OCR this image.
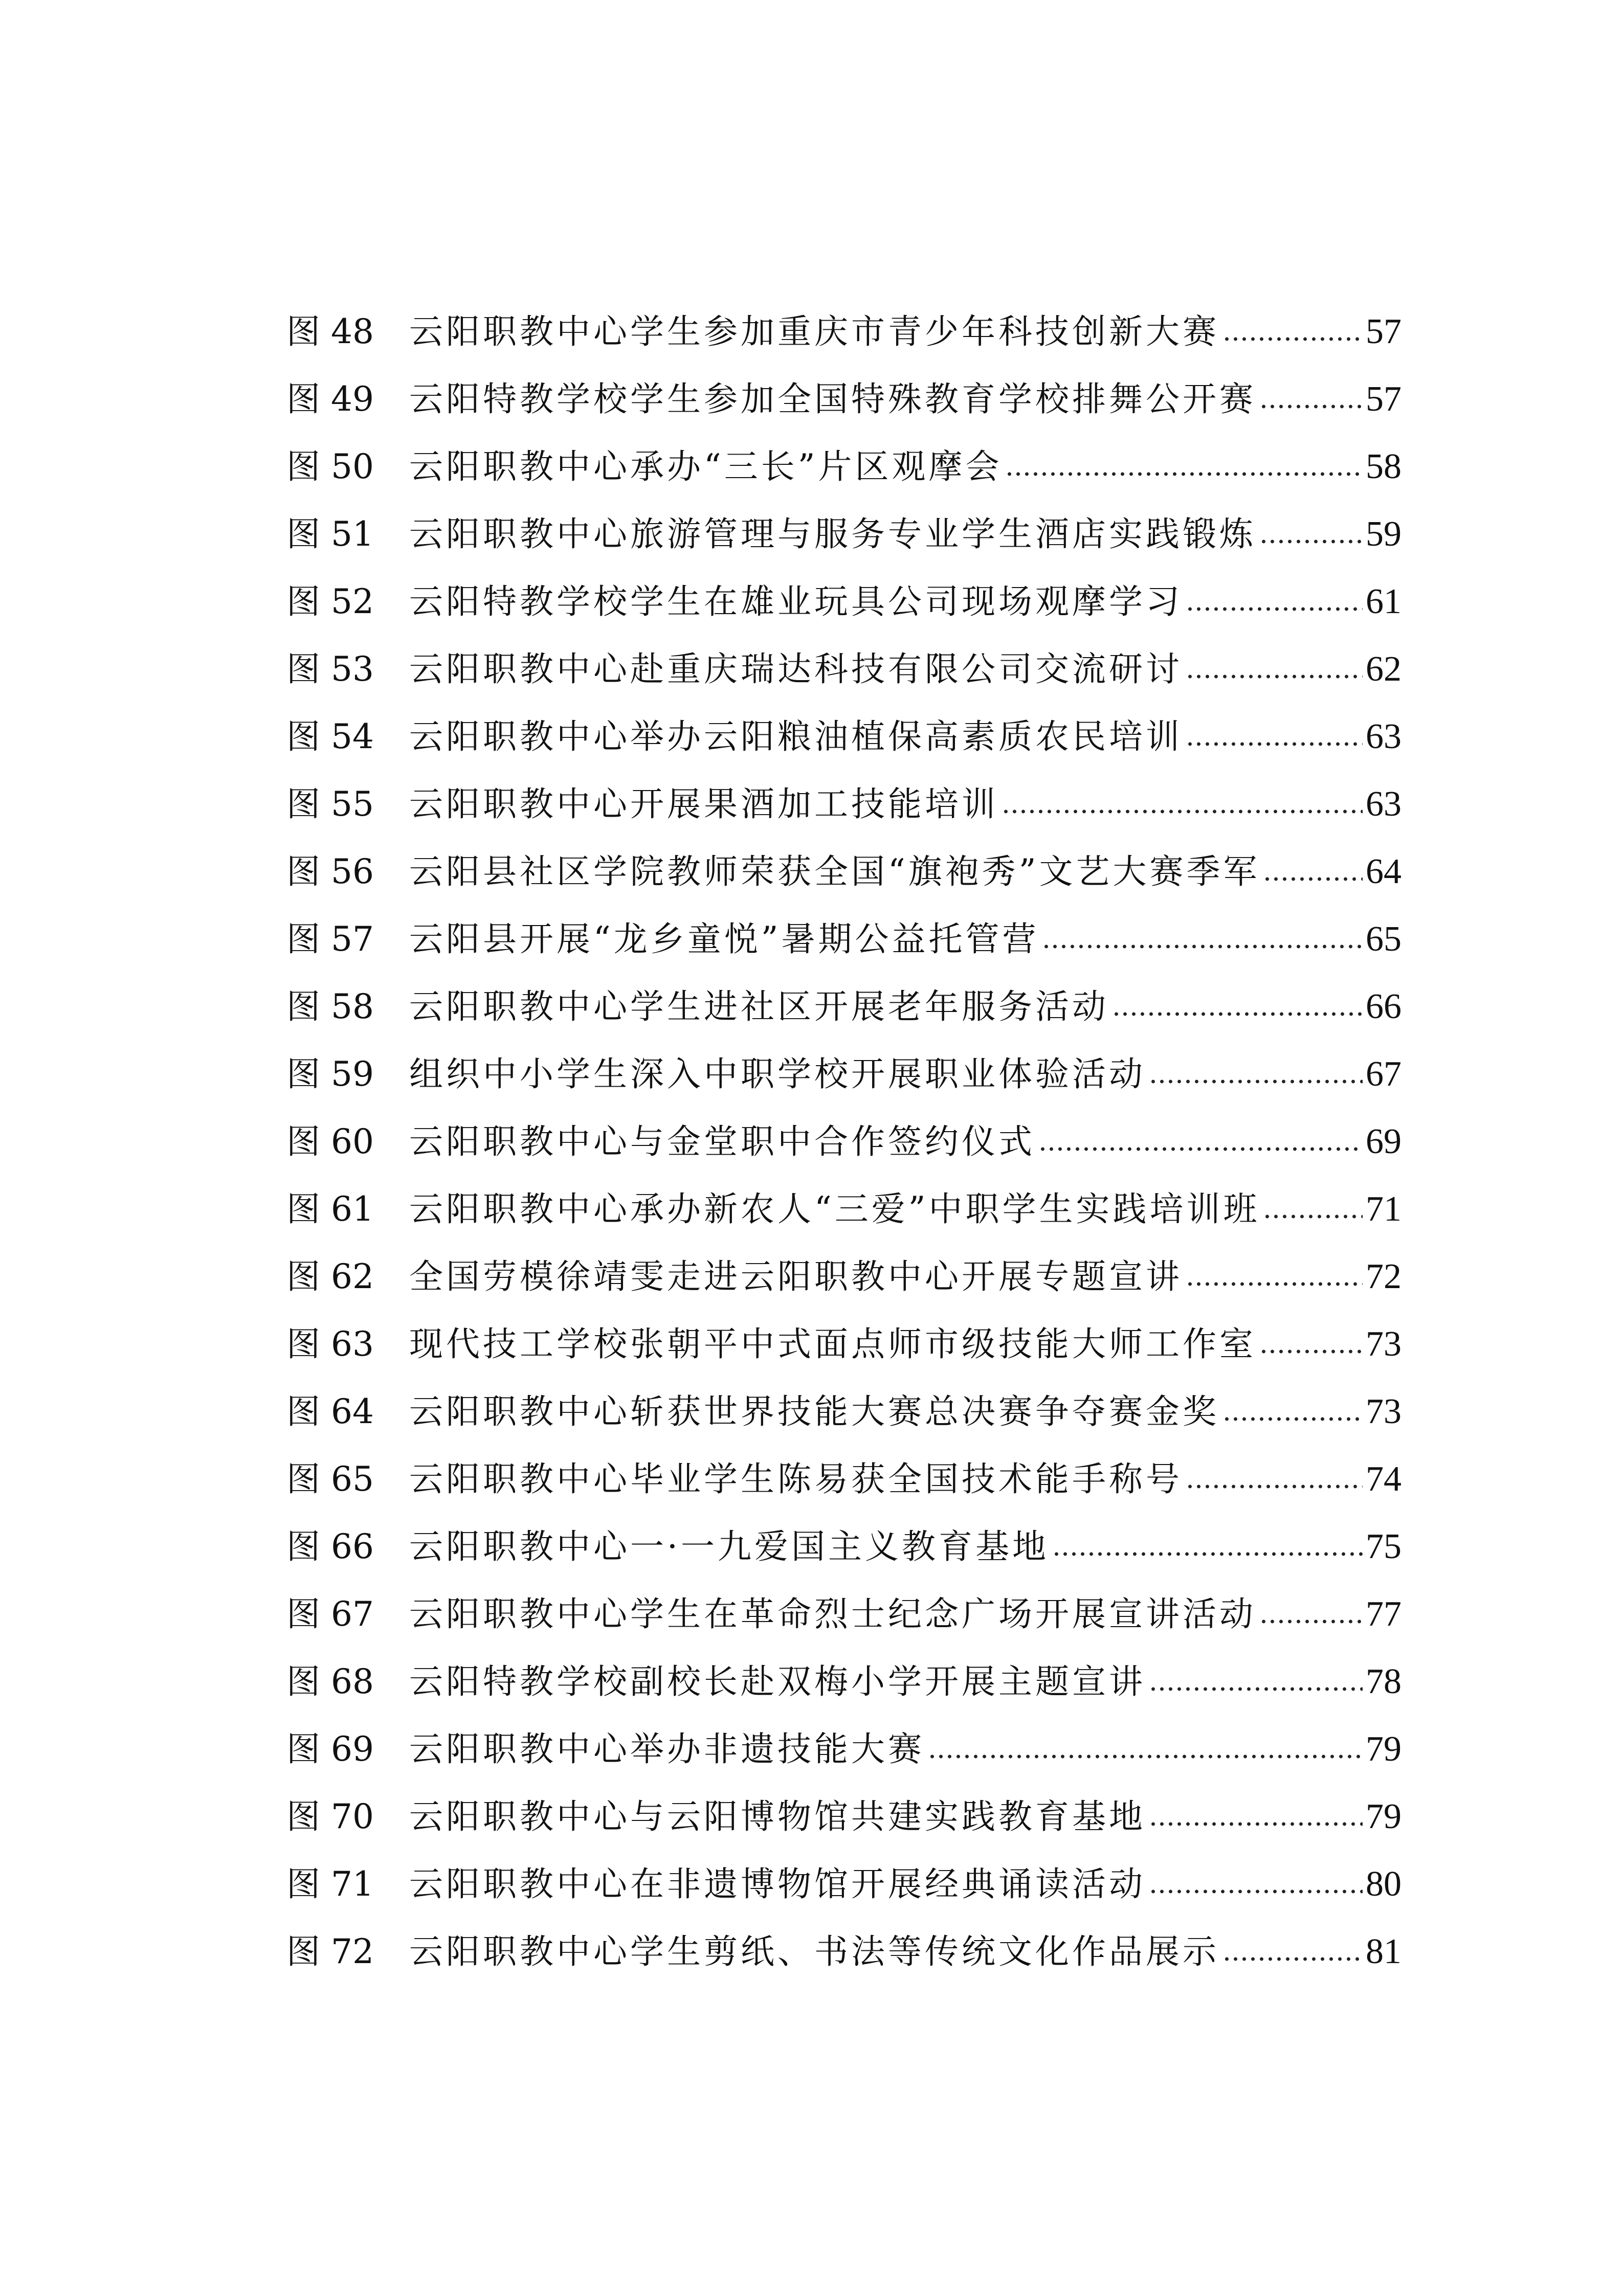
图 48	云阳职教中心学生参加重庆市青少年科技创新大赛	57
图 49	云阳特教学校学生参加全国特殊教育学校排舞公开赛	57
图 50	云阳职教中心承办“三长”片区观摩会	58
图 51	云阳职教中心旅游管理与服务专业学生酒店实践锻炼	59
图 52	云阳特教学校学生在雄业玩具公司现场观摩学习	61
图 53	云阳职教中心赴重庆瑞达科技有限公司交流研讨	62
图 54	云阳职教中心举办云阳粮油植保高素质农民培训	63
图 55	云阳职教中心开展果酒加工技能培训	63
图 56	云阳县社区学院教师荣获全国“旗袍秀”文艺大赛季军	64
图 57	云阳县开展“龙乡童悦”暑期公益托管营	65
图 58	云阳职教中心学生进社区开展老年服务活动	66
图 59	组织中小学生深入中职学校开展职业体验活动	67
图 60	云阳职教中心与金堂职中合作签约仪式	69
图 61	云阳职教中心承办新农人“三爱”中职学生实践培训班	71
图 62	全国劳模徐靖雯走进云阳职教中心开展专题宣讲	72
图 63	现代技工学校张朝平中式面点师市级技能大师工作室	73
图 64	云阳职教中心斩获世界技能大赛总决赛争夺赛金奖	73
图 65	云阳职教中心毕业学生陈易获全国技术能手称号	74
图 66	云阳职教中心一·一九爱国主义教育基地	75
图 67	云阳职教中心学生在革命烈士纪念广场开展宣讲活动	77
图 68	云阳特教学校副校长赴双梅小学开展主题宣讲	78
图 69	云阳职教中心举办非遗技能大赛	79
图 70	云阳职教中心与云阳博物馆共建实践教育基地	79
图 71	云阳职教中心在非遗博物馆开展经典诵读活动	80
图 72	云阳职教中心学生剪纸、书法等传统文化作品展示	81
